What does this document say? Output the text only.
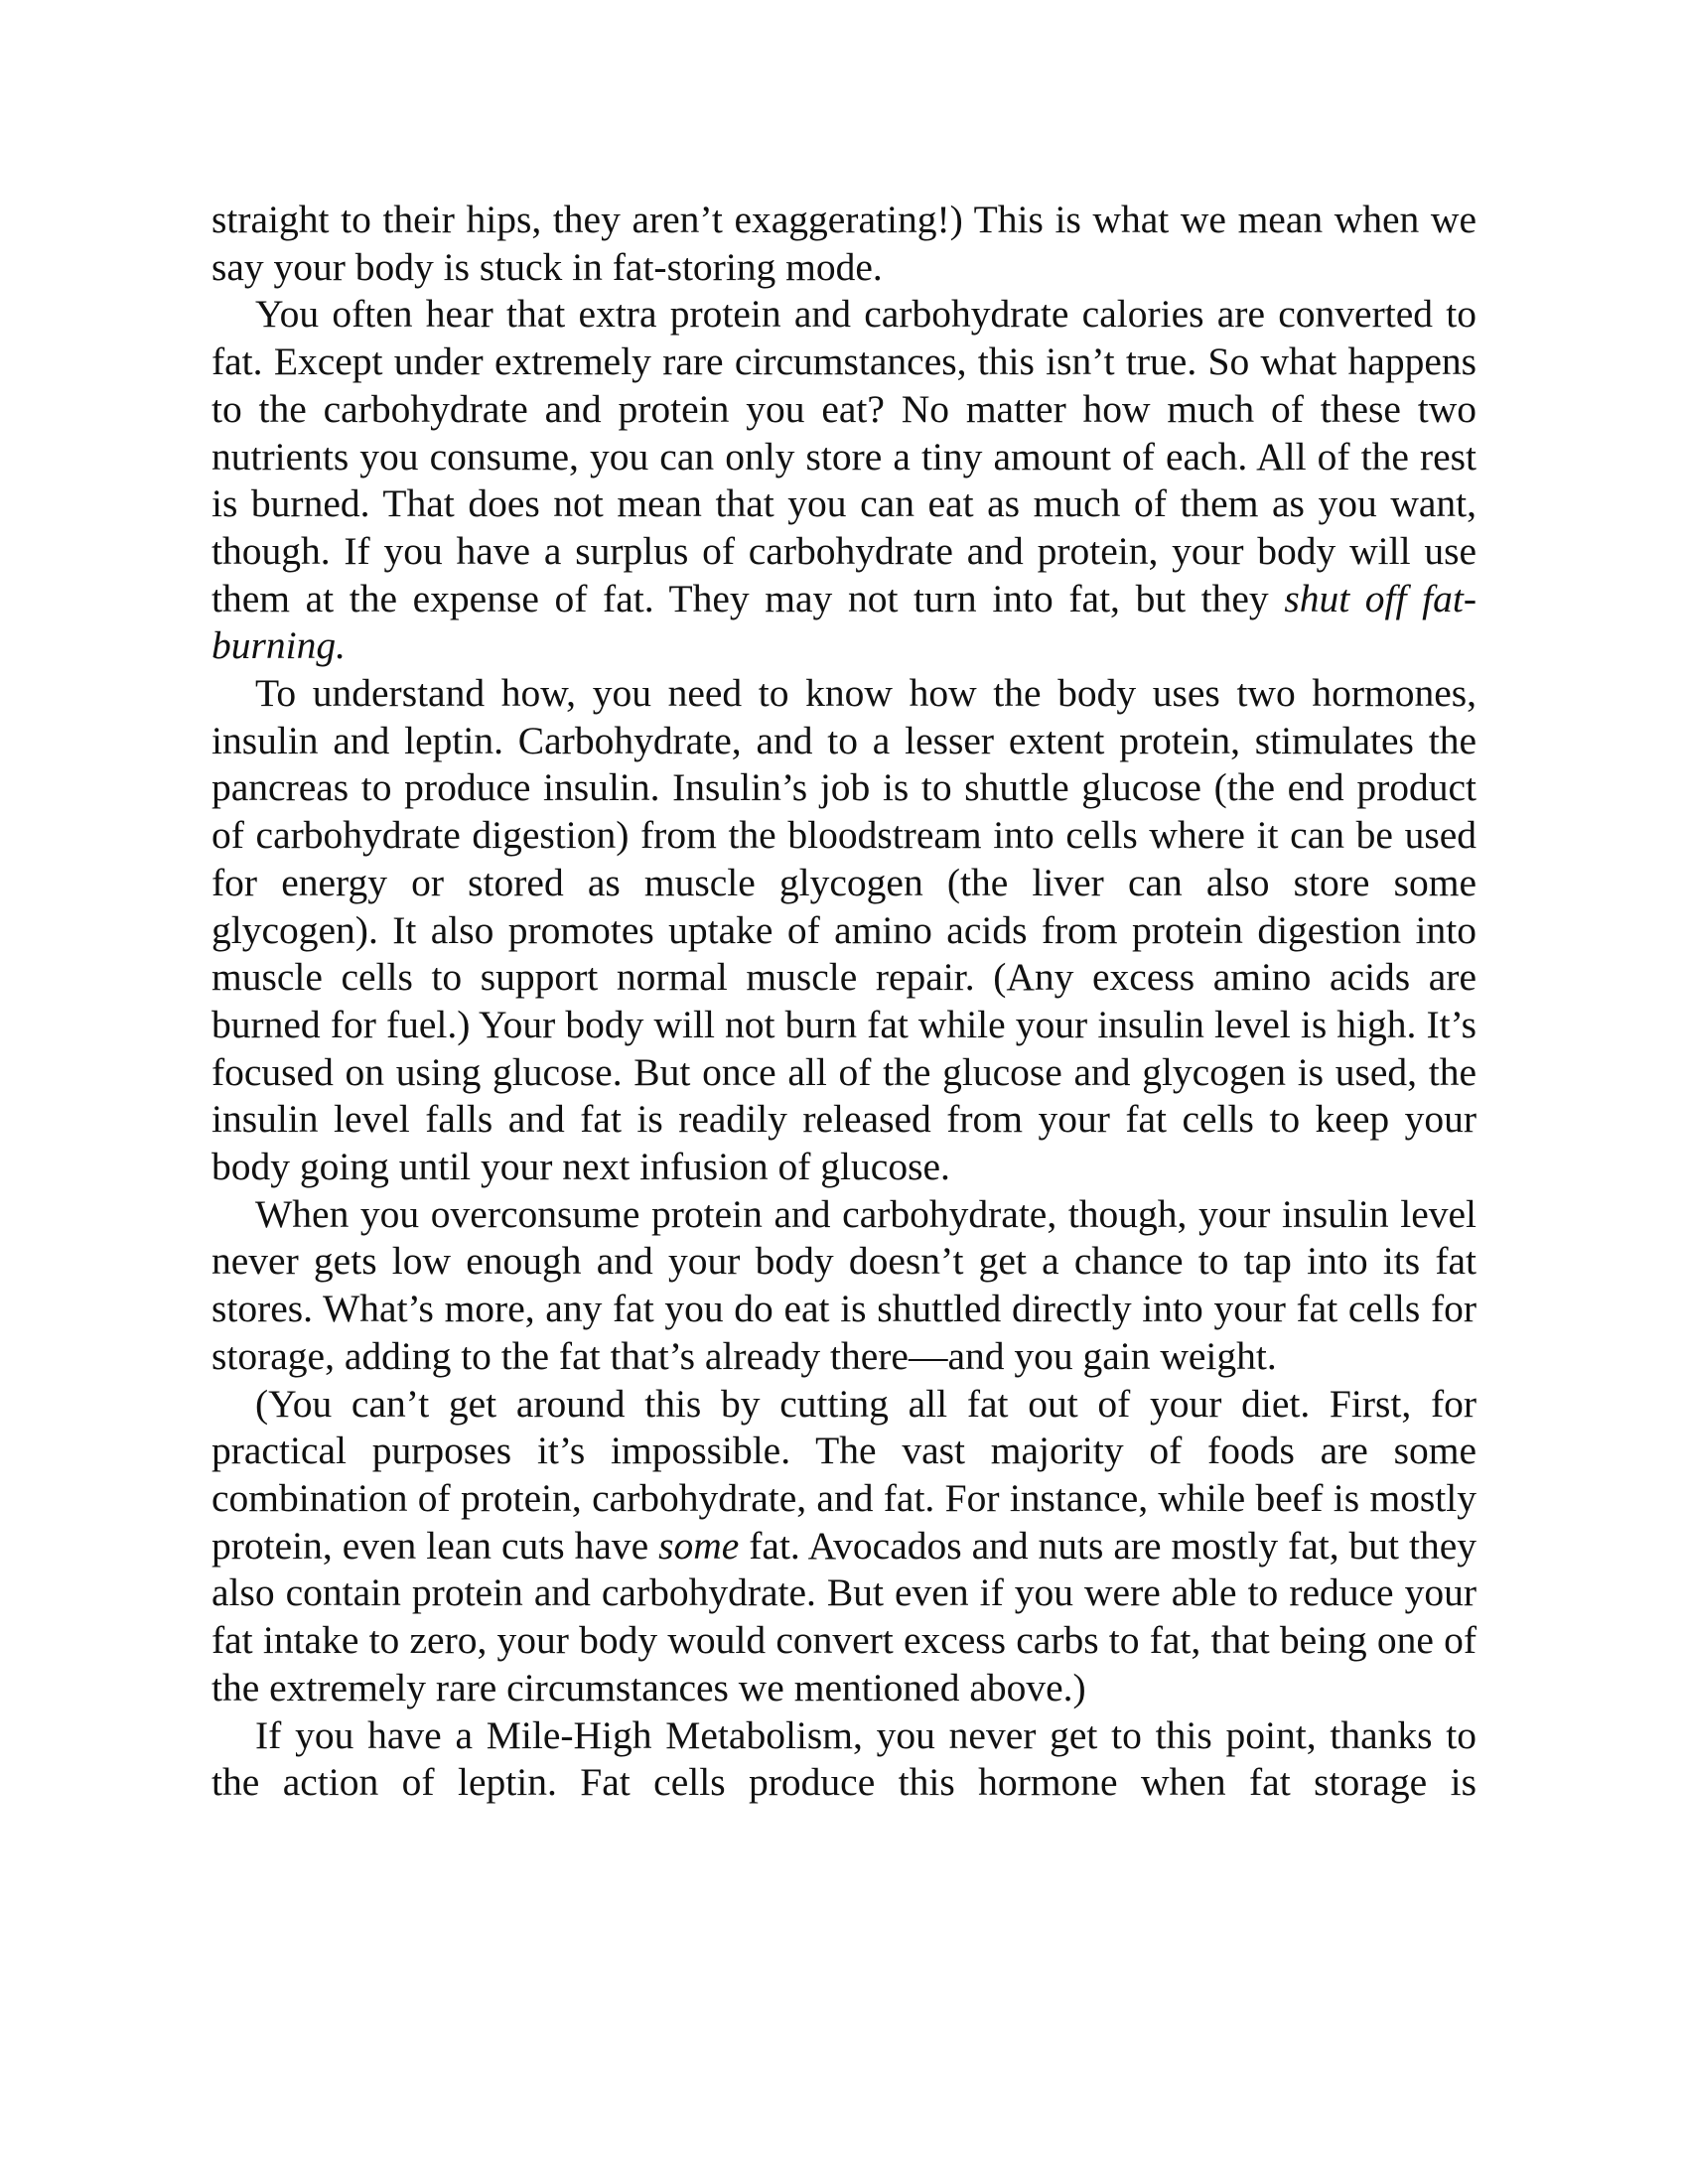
straight to their hips, they aren’t exaggerating!) This is what we mean when we say your body is stuck in fat-storing mode.

You often hear that extra protein and carbohydrate calories are converted to fat. Except under extremely rare circumstances, this isn’t true. So what happens to the carbohydrate and protein you eat? No matter how much of these two nutrients you consume, you can only store a tiny amount of each. All of the rest is burned. That does not mean that you can eat as much of them as you want, though. If you have a surplus of carbohydrate and protein, your body will use them at the expense of fat. They may not turn into fat, but they shut off fat-burning.

To understand how, you need to know how the body uses two hormones, insulin and leptin. Carbohydrate, and to a lesser extent protein, stimulates the pancreas to produce insulin. Insulin’s job is to shuttle glucose (the end product of carbohydrate digestion) from the bloodstream into cells where it can be used for energy or stored as muscle glycogen (the liver can also store some glycogen). It also promotes uptake of amino acids from protein digestion into muscle cells to support normal muscle repair. (Any excess amino acids are burned for fuel.) Your body will not burn fat while your insulin level is high. It’s focused on using glucose. But once all of the glucose and glycogen is used, the insulin level falls and fat is readily released from your fat cells to keep your body going until your next infusion of glucose.

When you overconsume protein and carbohydrate, though, your insulin level never gets low enough and your body doesn’t get a chance to tap into its fat stores. What’s more, any fat you do eat is shuttled directly into your fat cells for storage, adding to the fat that’s already there—and you gain weight.

(You can’t get around this by cutting all fat out of your diet. First, for practical purposes it’s impossible. The vast majority of foods are some combination of protein, carbohydrate, and fat. For instance, while beef is mostly protein, even lean cuts have some fat. Avocados and nuts are mostly fat, but they also contain protein and carbohydrate. But even if you were able to reduce your fat intake to zero, your body would convert excess carbs to fat, that being one of the extremely rare circumstances we mentioned above.)

If you have a Mile-High Metabolism, you never get to this point, thanks to the action of leptin. Fat cells produce this hormone when fat storage is
